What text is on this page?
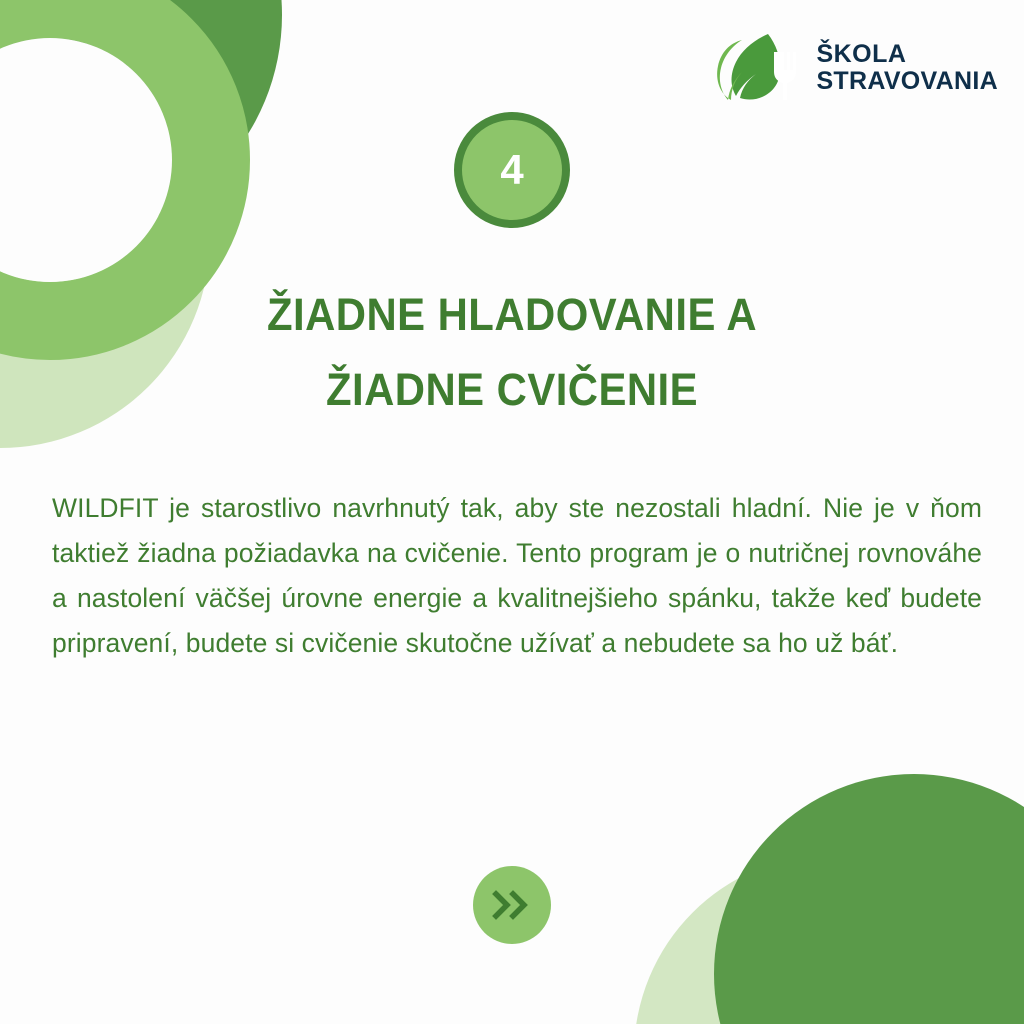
ŠKOLA
STRAVOVANIA
4
ŽIADNE HLADOVANIE A
ŽIADNE CVIČENIE
WILDFIT je starostlivo navrhnutý tak, aby ste nezostali hladní. Nie je v ňom taktiež žiadna požiadavka na cvičenie. Tento program je o nutričnej rovnováhe a nastolení väčšej úrovne energie a kvalitnejšieho spánku, takže keď budete pripravení, budete si cvičenie skutočne užívať a nebudete sa ho už báť.
